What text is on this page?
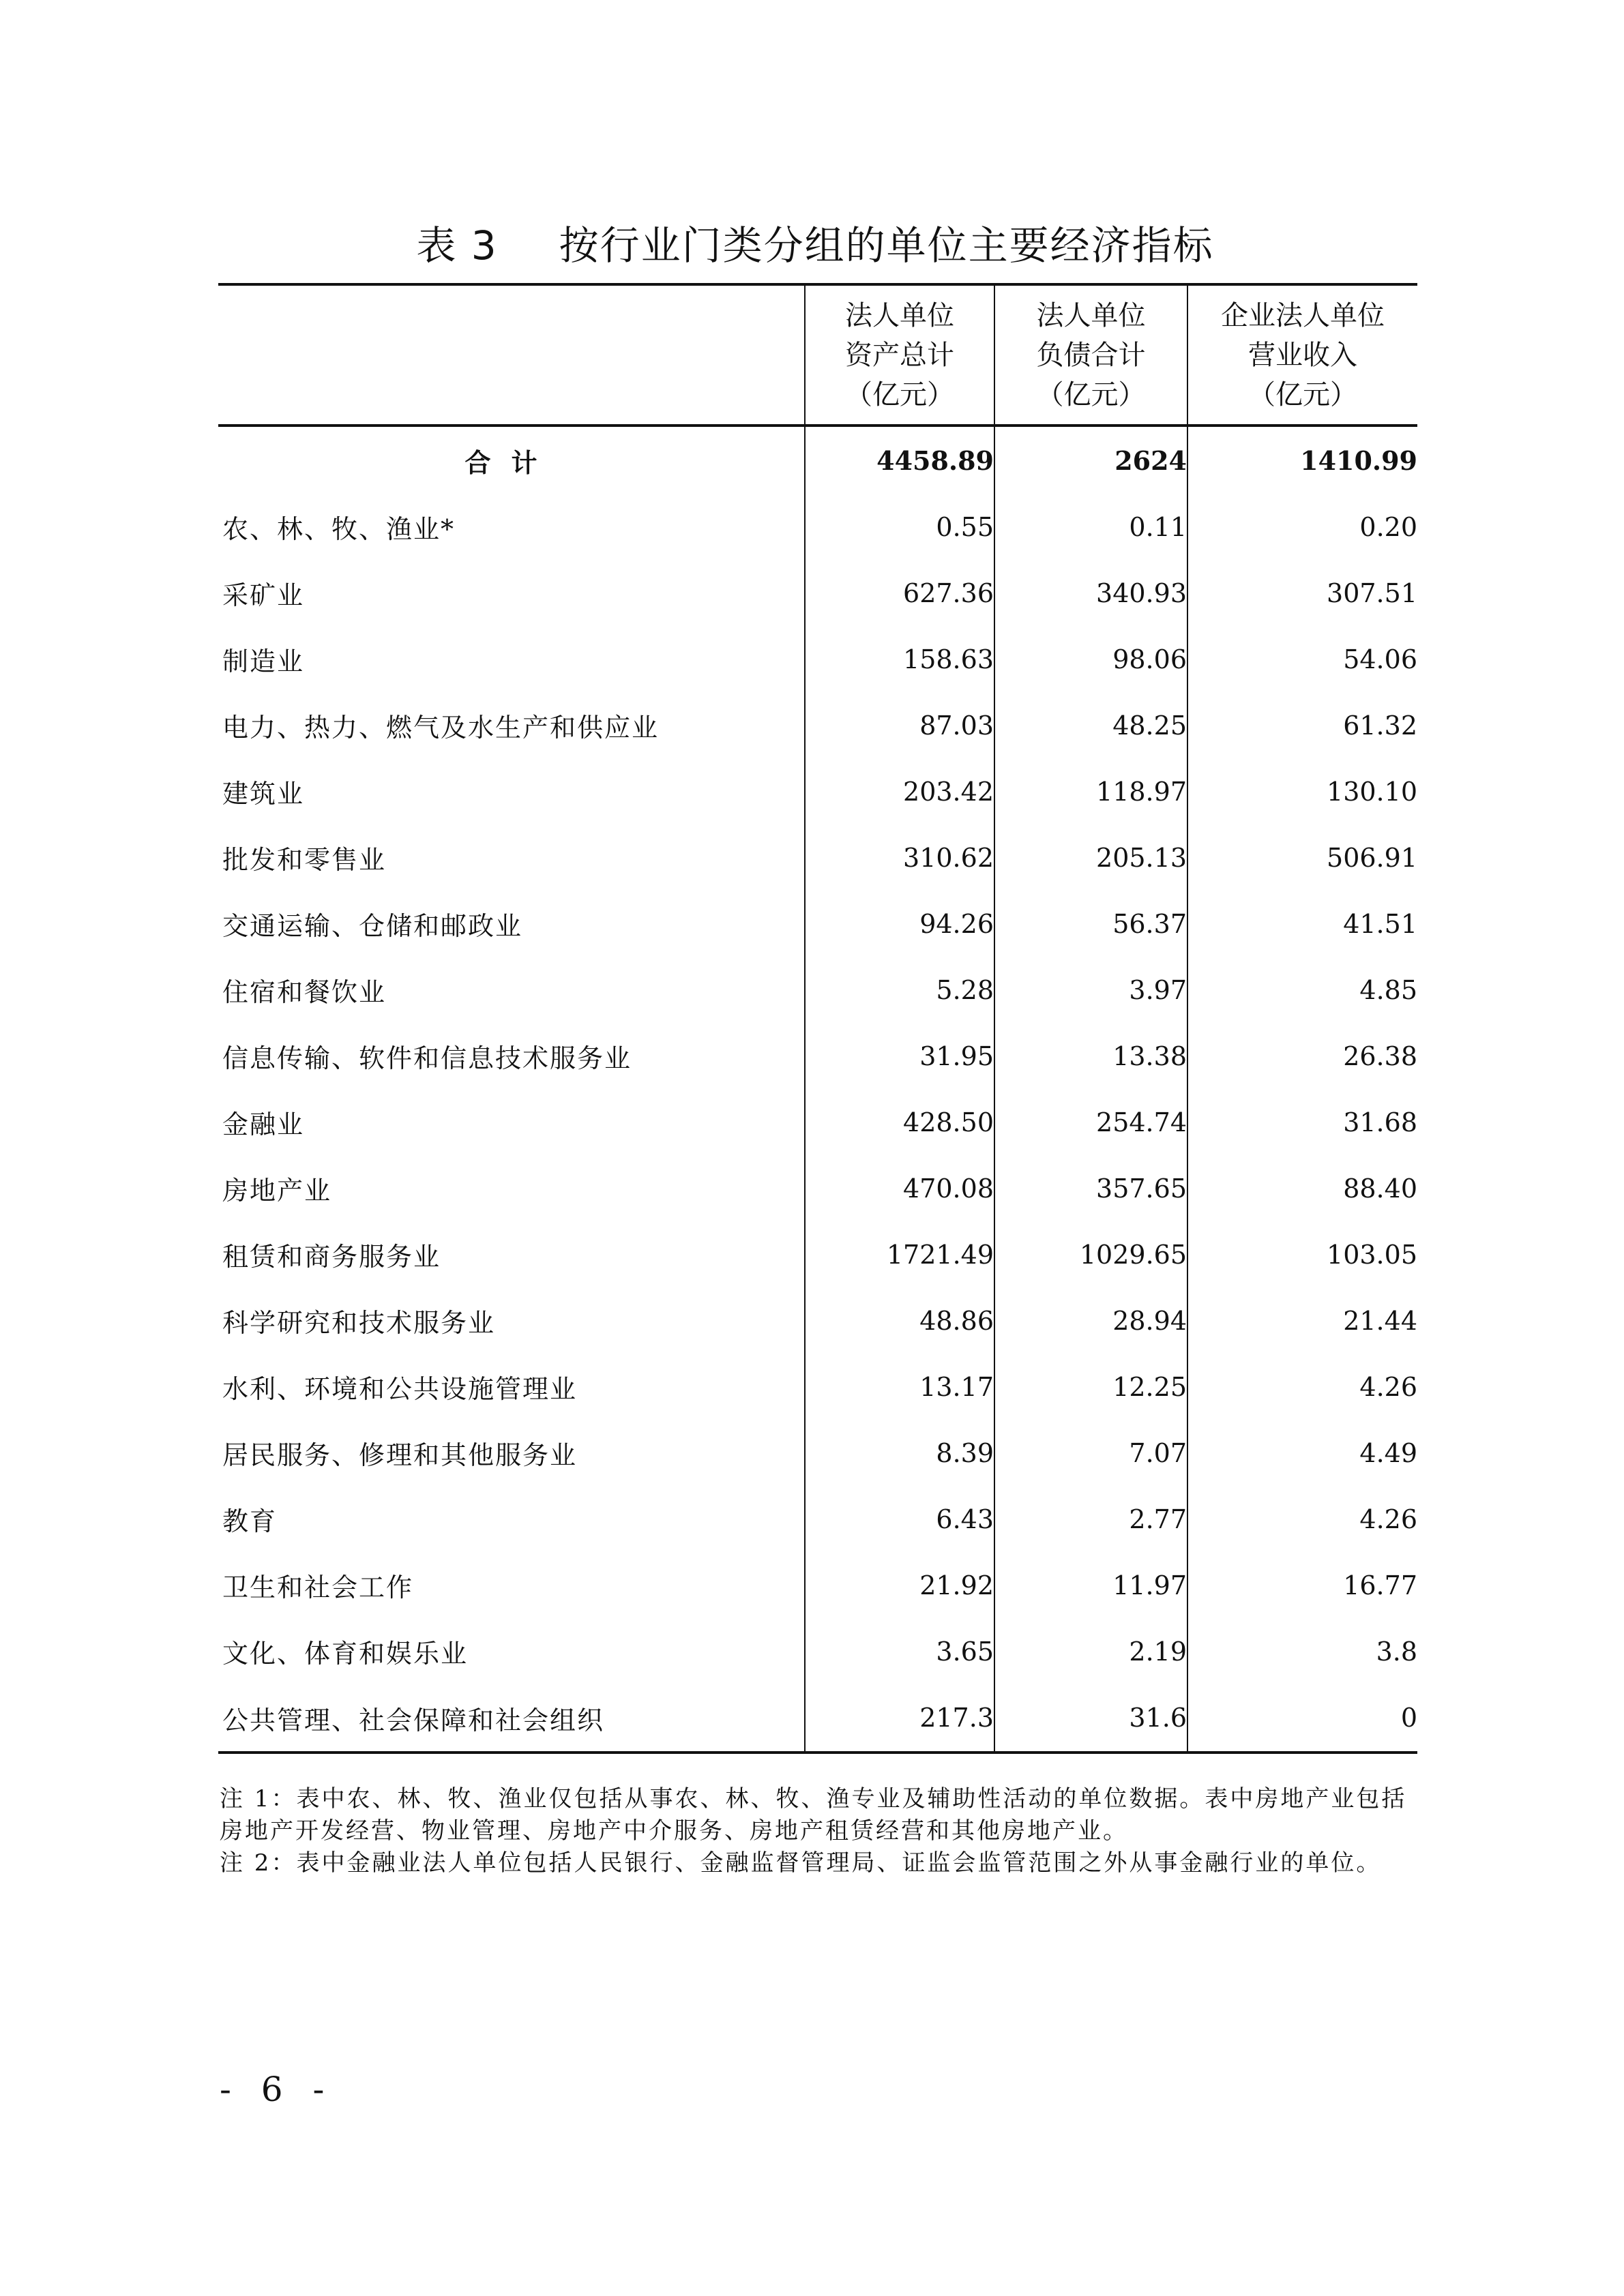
表 3 按行业门类分组的单位主要经济指标

	法人单位
资产总计
（亿元）	法人单位
负债合计
（亿元）	企业法人单位
营业收入
（亿元）

合计	4458.89	2624	1410.99
农、林、牧、渔业*	0.55	0.11	0.20
采矿业	627.36	340.93	307.51
制造业	158.63	98.06	54.06
电力、热力、燃气及水生产和供应业	87.03	48.25	61.32
建筑业	203.42	118.97	130.10
批发和零售业	310.62	205.13	506.91
交通运输、仓储和邮政业	94.26	56.37	41.51
住宿和餐饮业	5.28	3.97	4.85
信息传输、软件和信息技术服务业	31.95	13.38	26.38
金融业	428.50	254.74	31.68
房地产业	470.08	357.65	88.40
租赁和商务服务业	1721.49	1029.65	103.05
科学研究和技术服务业	48.86	28.94	21.44
水利、环境和公共设施管理业	13.17	12.25	4.26
居民服务、修理和其他服务业	8.39	7.07	4.49
教育	6.43	2.77	4.26
卫生和社会工作	21.92	11.97	16.77
文化、体育和娱乐业	3.65	2.19	3.8
公共管理、社会保障和社会组织	217.3	31.6	0

注 1：表中农、林、牧、渔业仅包括从事农、林、牧、渔专业及辅助性活动的单位数据。表中房地产业包括房地产开发经营、物业管理、房地产中介服务、房地产租赁经营和其他房地产业。

注 2：表中金融业法人单位包括人民银行、金融监督管理局、证监会监管范围之外从事金融行业的单位。

- 6 -
